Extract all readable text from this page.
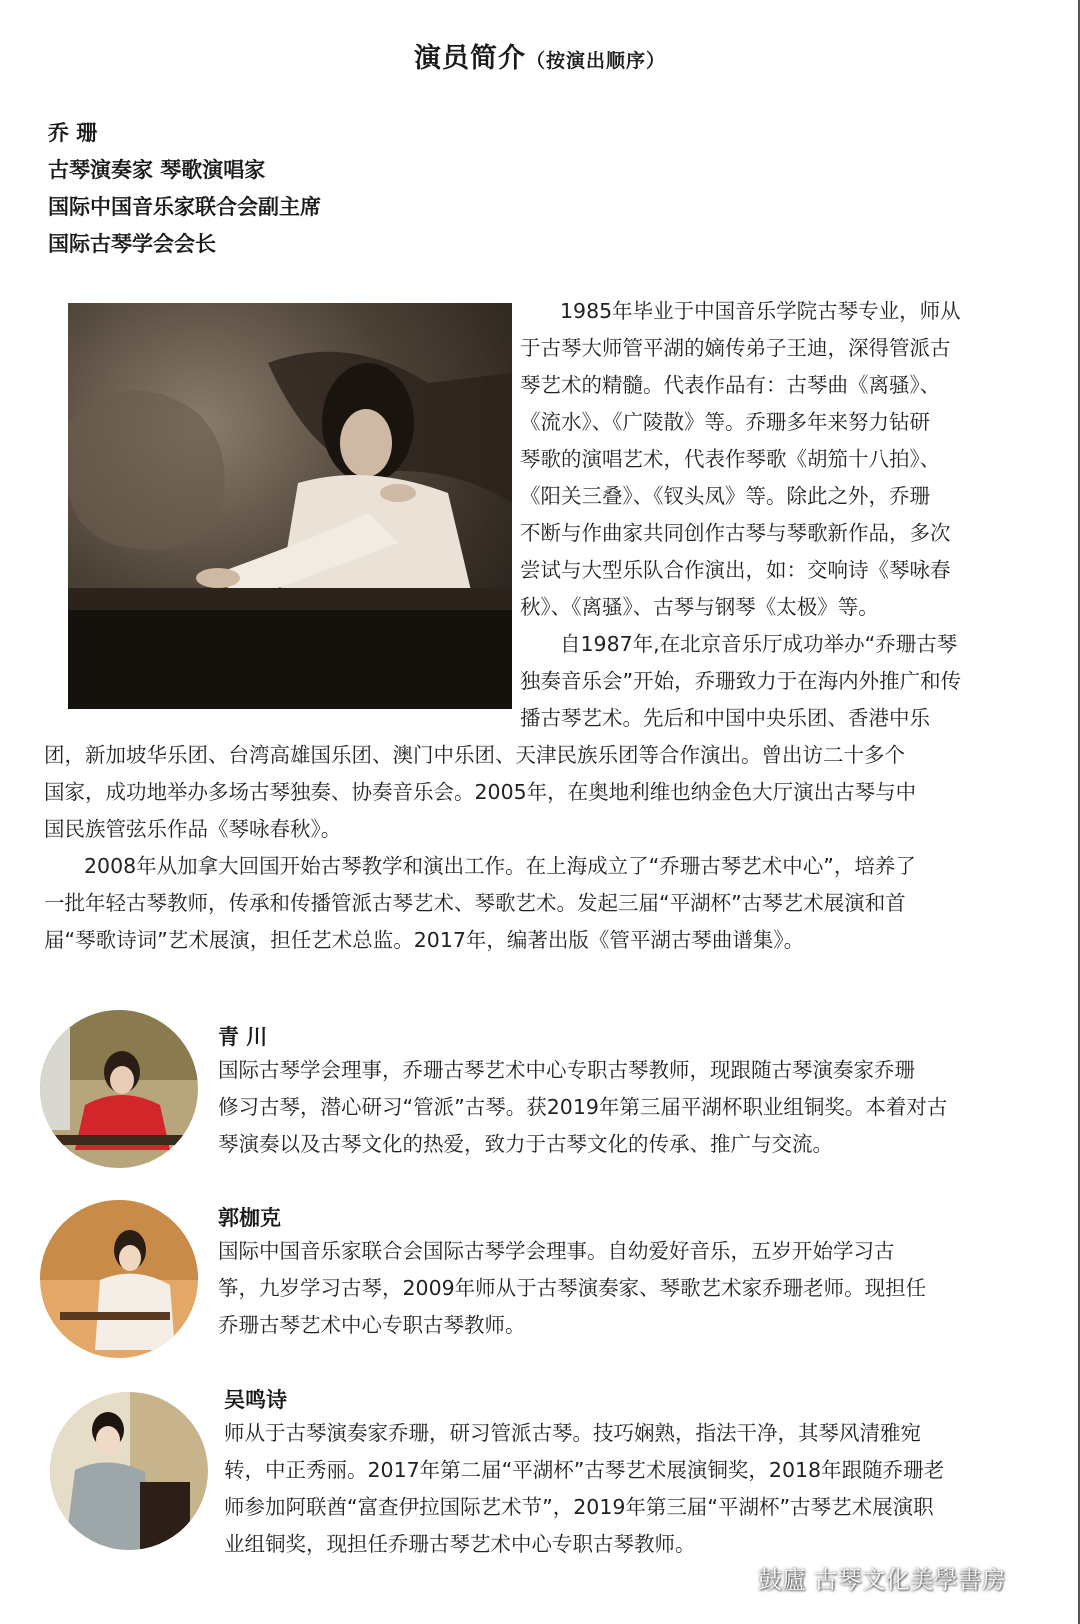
演员简介（按演出顺序）
乔 珊
古琴演奏家 琴歌演唱家
国际中国音乐家联合会副主席
国际古琴学会会长
1985年毕业于中国音乐学院古琴专业，师从
于古琴大师管平湖的嫡传弟子王迪，深得管派古
琴艺术的精髓。代表作品有：古琴曲《离骚》、
《流水》、《广陵散》等。乔珊多年来努力钻研
琴歌的演唱艺术，代表作琴歌《胡笳十八拍》、
《阳关三叠》、《钗头凤》等。除此之外，乔珊
不断与作曲家共同创作古琴与琴歌新作品，多次
尝试与大型乐队合作演出，如：交响诗《琴咏春
秋》、《离骚》、古琴与钢琴《太极》等。
自1987年,在北京音乐厅成功举办“乔珊古琴
独奏音乐会”开始，乔珊致力于在海内外推广和传
播古琴艺术。先后和中国中央乐团、香港中乐
团，新加坡华乐团、台湾高雄国乐团、澳门中乐团、天津民族乐团等合作演出。曾出访二十多个
国家，成功地举办多场古琴独奏、协奏音乐会。2005年，在奥地利维也纳金色大厅演出古琴与中
国民族管弦乐作品《琴咏春秋》。
2008年从加拿大回国开始古琴教学和演出工作。在上海成立了“乔珊古琴艺术中心”，培养了
一批年轻古琴教师，传承和传播管派古琴艺术、琴歌艺术。发起三届“平湖杯”古琴艺术展演和首
届“琴歌诗词”艺术展演，担任艺术总监。2017年，编著出版《管平湖古琴曲谱集》。
青 川
国际古琴学会理事，乔珊古琴艺术中心专职古琴教师，现跟随古琴演奏家乔珊
修习古琴，潜心研习“管派”古琴。获2019年第三届平湖杯职业组铜奖。本着对古
琴演奏以及古琴文化的热爱，致力于古琴文化的传承、推广与交流。
郭枷克
国际中国音乐家联合会国际古琴学会理事。自幼爱好音乐，五岁开始学习古
筝，九岁学习古琴，2009年师从于古琴演奏家、琴歌艺术家乔珊老师。现担任
乔珊古琴艺术中心专职古琴教师。
吴鸣诗
师从于古琴演奏家乔珊，研习管派古琴。技巧娴熟，指法干净，其琴风清雅宛
转，中正秀丽。2017年第二届“平湖杯”古琴艺术展演铜奖，2018年跟随乔珊老
师参加阿联酋“富查伊拉国际艺术节”，2019年第三届“平湖杯”古琴艺术展演职
业组铜奖，现担任乔珊古琴艺术中心专职古琴教师。
鼓廬 古琴文化美學書房
